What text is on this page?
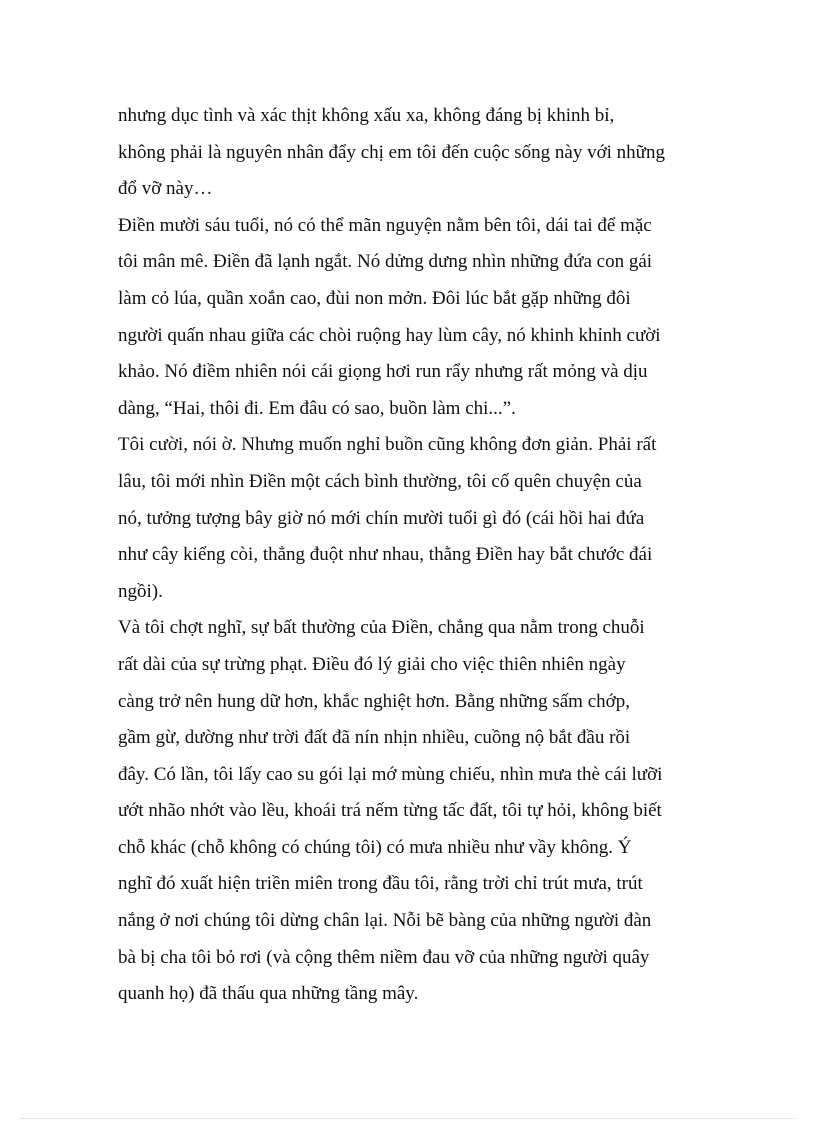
nhưng dục tình và xác thịt không xấu xa, không đáng bị khinh bỉ,
không phải là nguyên nhân đẩy chị em tôi đến cuộc sống này với những
đổ vỡ này…
Điền mười sáu tuổi, nó có thể mãn nguyện nằm bên tôi, dái tai để mặc
tôi mân mê. Điền đã lạnh ngắt. Nó dửng dưng nhìn những đứa con gái
làm cỏ lúa, quần xoắn cao, đùi non mởn. Đôi lúc bắt gặp những đôi
người quấn nhau giữa các chòi ruộng hay lùm cây, nó khinh khỉnh cười
khảo. Nó điềm nhiên nói cái giọng hơi run rẩy nhưng rất mỏng và dịu
dàng, “Hai, thôi đi. Em đâu có sao, buồn làm chi...”.
Tôi cười, nói ờ. Nhưng muốn nghỉ buồn cũng không đơn giản. Phải rất
lâu, tôi mới nhìn Điền một cách bình thường, tôi cố quên chuyện của
nó, tưởng tượng bây giờ nó mới chín mười tuổi gì đó (cái hồi hai đứa
như cây kiểng còi, thẳng đuột như nhau, thằng Điền hay bắt chước đái
ngồi).
Và tôi chợt nghĩ, sự bất thường của Điền, chẳng qua nằm trong chuỗi
rất dài của sự trừng phạt. Điều đó lý giải cho việc thiên nhiên ngày
càng trở nên hung dữ hơn, khắc nghiệt hơn. Bằng những sấm chớp,
gầm gừ, dường như trời đất đã nín nhịn nhiều, cuồng nộ bắt đầu rồi
đây. Có lần, tôi lấy cao su gói lại mớ mùng chiếu, nhìn mưa thè cái lưỡi
ướt nhão nhớt vào lều, khoái trá nếm từng tấc đất, tôi tự hỏi, không biết
chỗ khác (chỗ không có chúng tôi) có mưa nhiều như vầy không. Ý
nghĩ đó xuất hiện triền miên trong đầu tôi, rằng trời chỉ trút mưa, trút
nắng ở nơi chúng tôi dừng chân lại. Nỗi bẽ bàng của những người đàn
bà bị cha tôi bỏ rơi (và cộng thêm niềm đau vỡ của những người quây
quanh họ) đã thấu qua những tầng mây.
